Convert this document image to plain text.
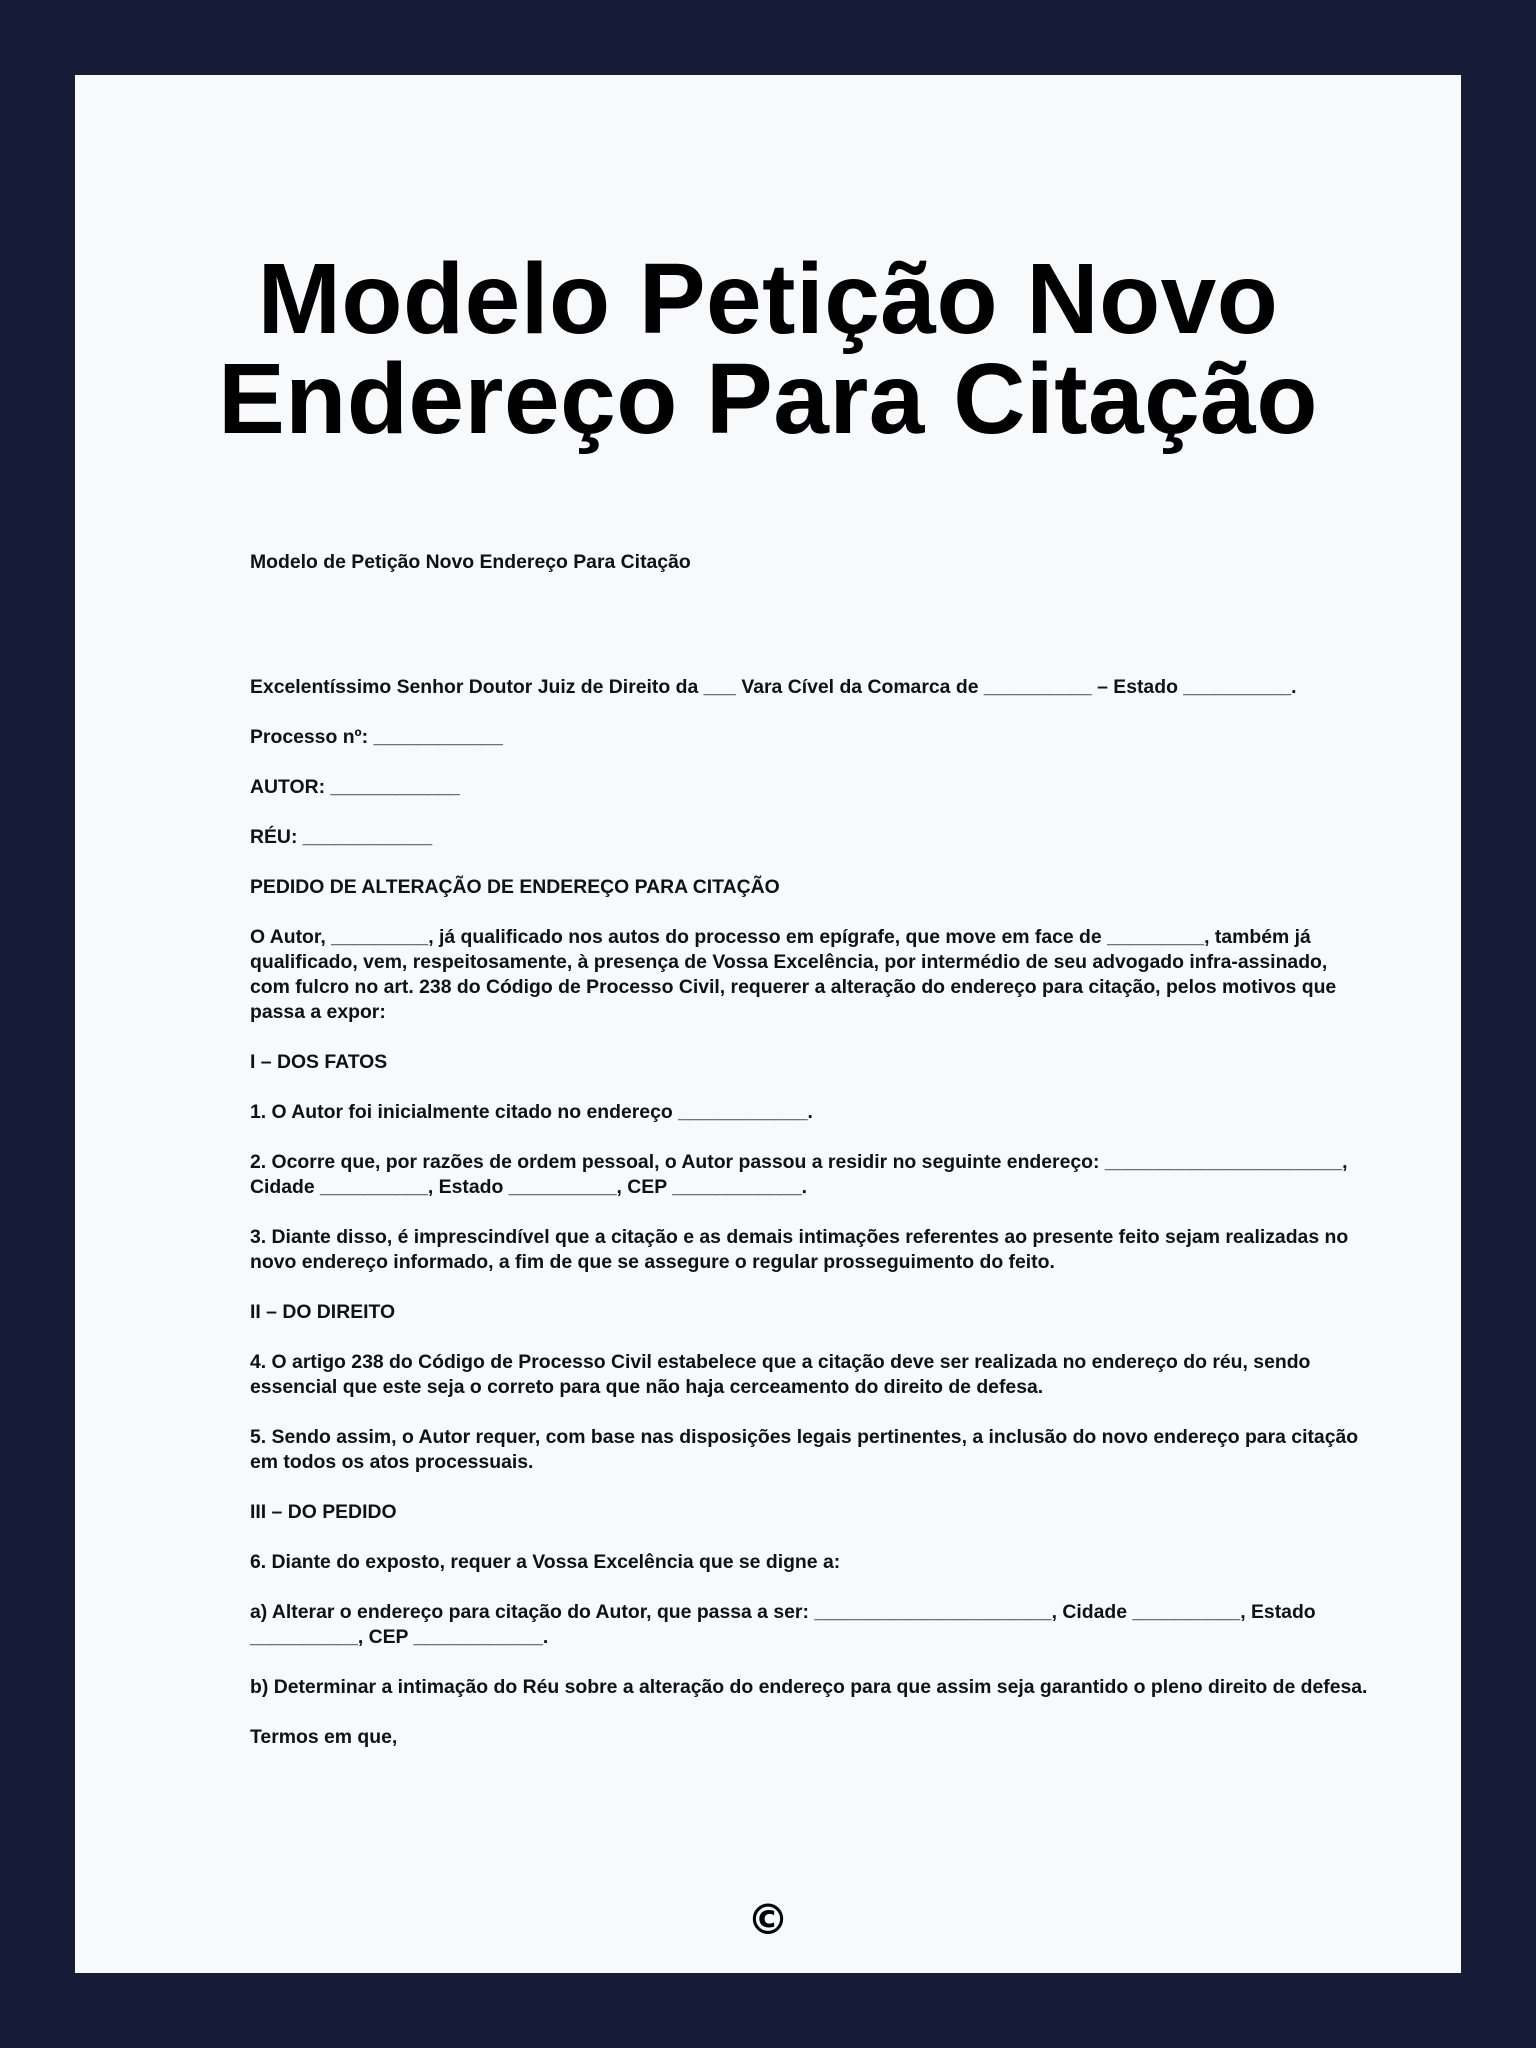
Modelo Petição Novo
Endereço Para Citação

Modelo de Petição Novo Endereço Para Citação

Excelentíssimo Senhor Doutor Juiz de Direito da ___ Vara Cível da Comarca de __________ – Estado __________.

Processo nº: ____________

AUTOR: ____________

RÉU: ____________

PEDIDO DE ALTERAÇÃO DE ENDEREÇO PARA CITAÇÃO

O Autor, _________, já qualificado nos autos do processo em epígrafe, que move em face de _________, também já qualificado, vem, respeitosamente, à presença de Vossa Excelência, por intermédio de seu advogado infra-assinado, com fulcro no art. 238 do Código de Processo Civil, requerer a alteração do endereço para citação, pelos motivos que passa a expor:

I – DOS FATOS

1. O Autor foi inicialmente citado no endereço ____________.

2. Ocorre que, por razões de ordem pessoal, o Autor passou a residir no seguinte endereço: ______________________, Cidade __________, Estado __________, CEP ____________.

3. Diante disso, é imprescindível que a citação e as demais intimações referentes ao presente feito sejam realizadas no novo endereço informado, a fim de que se assegure o regular prosseguimento do feito.

II – DO DIREITO

4. O artigo 238 do Código de Processo Civil estabelece que a citação deve ser realizada no endereço do réu, sendo essencial que este seja o correto para que não haja cerceamento do direito de defesa.

5. Sendo assim, o Autor requer, com base nas disposições legais pertinentes, a inclusão do novo endereço para citação em todos os atos processuais.

III – DO PEDIDO

6. Diante do exposto, requer a Vossa Excelência que se digne a:

a) Alterar o endereço para citação do Autor, que passa a ser: ______________________, Cidade __________, Estado __________, CEP ____________.

b) Determinar a intimação do Réu sobre a alteração do endereço para que assim seja garantido o pleno direito de defesa.

Termos em que,

©
